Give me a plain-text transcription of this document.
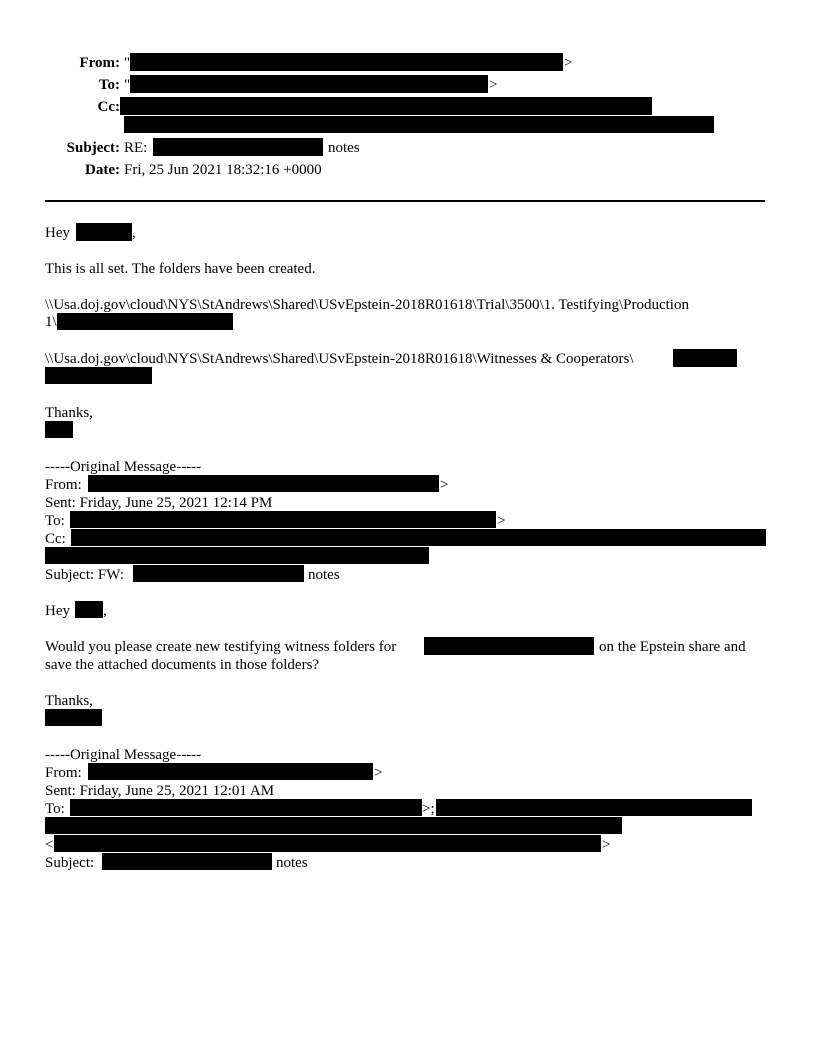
From: "	>
To: "	>
Cc:
Subject: RE:	notes
Date: Fri, 25 Jun 2021 18:32:16 +0000
Hey	,
This is all set. The folders have been created.
\\Usa.doj.gov\cloud\NYS\StAndrews\Shared\USvEpstein-2018R01618\Trial\3500\1. Testifying\Production
1\
\\Usa.doj.gov\cloud\NYS\StAndrews\Shared\USvEpstein-2018R01618\Witnesses & Cooperators\
Thanks,
-----Original Message-----
From:	>
Sent: Friday, June 25, 2021 12:14 PM
To:	>
Cc:
Subject: FW:	notes
Hey ,
Would you please create new testifying witness folders for	on the Epstein share and
save the attached documents in those folders?
Thanks,
-----Original Message-----
From:	>
Sent: Friday, June 25, 2021 12:01 AM
To:	>;
<	>
Subject:	notes
